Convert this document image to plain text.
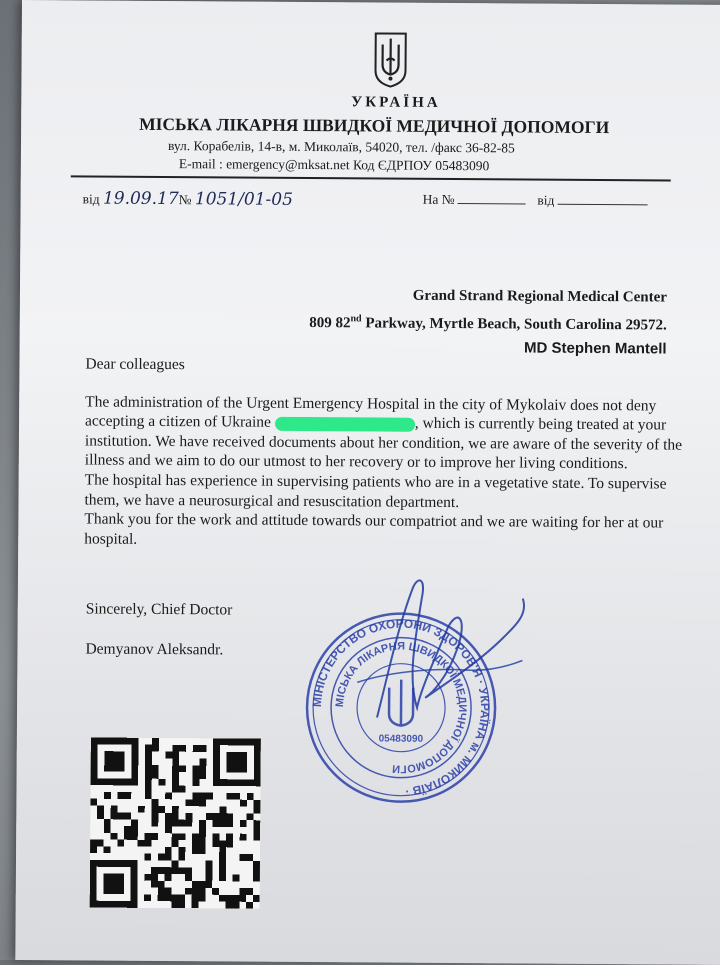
УКРАЇНА
МІСЬКА ЛІКАРНЯ ШВИДКОЇ МЕДИЧНОЇ ДОПОМОГИ
вул. Корабелів, 14-в, м. Миколаїв, 54020, тел. /факс 36-82-85
E-mail : emergency@mksat.net Код ЄДРПОУ 05483090
від 19.09.17№ 1051/01-05	На №	від
Grand Strand Regional Medical Center
809 82nd Parkway, Myrtle Beach, South Carolina 29572.
MD Stephen Mantell

Dear colleagues

The administration of the Urgent Emergency Hospital in the city of Mykolaiv does not deny accepting a citizen of Ukraine	, which is currently being treated at your institution. We have received documents about her condition, we are aware of the severity of the illness and we aim to do our utmost to her recovery or to improve her living conditions.

The hospital has experience in supervising patients who are in a vegetative state. To supervise them, we have a neurosurgical and resuscitation department.

Thank you for the work and attitude towards our compatriot and we are waiting for her at our hospital.

Sincerely, Chief Doctor
Demyanov Aleksandr.
МІНІСТЕРСТВО ОХОРОНИ ЗДОРОВ'Я · УКРАЇНА м. МИКОЛАЇВ ·
МІСЬКА ЛІКАРНЯ ШВИДКОЇ МЕДИЧНОЇ ДОПОМОГИ
05483090
